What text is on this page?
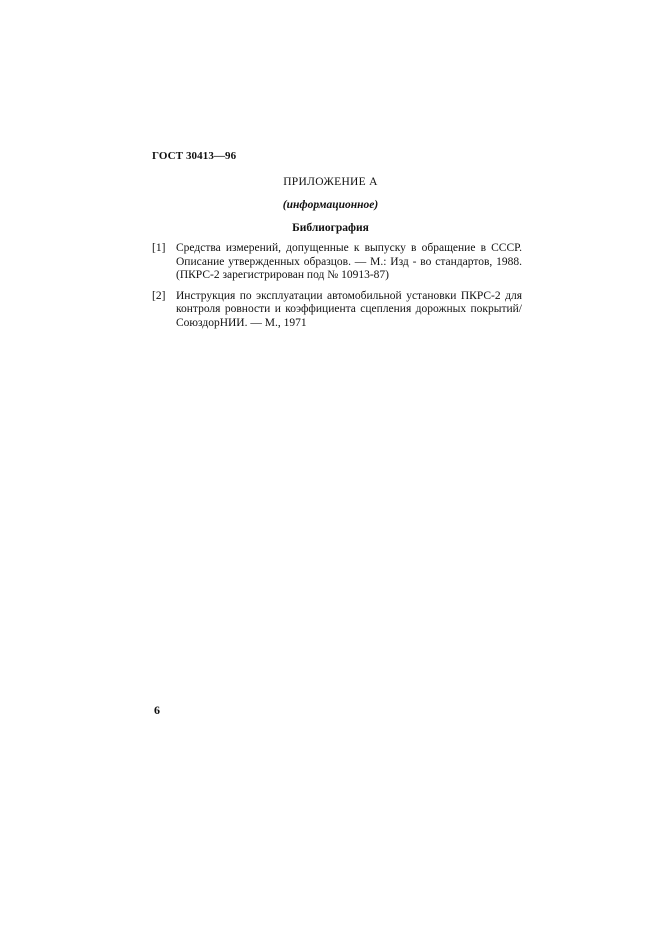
ГОСТ 30413—96
ПРИЛОЖЕНИЕ А
(информационное)
Библиография
[1] Средства измерений, допущенные к выпуску в обращение в СССР. Описание утвержденных образцов. — М.: Изд - во стандартов, 1988. (ПКРС-2 зарегистрирован под № 10913-87)
[2] Инструкция по эксплуатации автомобильной установки ПКРС-2 для контроля ровности и коэффициента сцепления дорожных покрытий/СоюздорНИИ. — М., 1971
6
